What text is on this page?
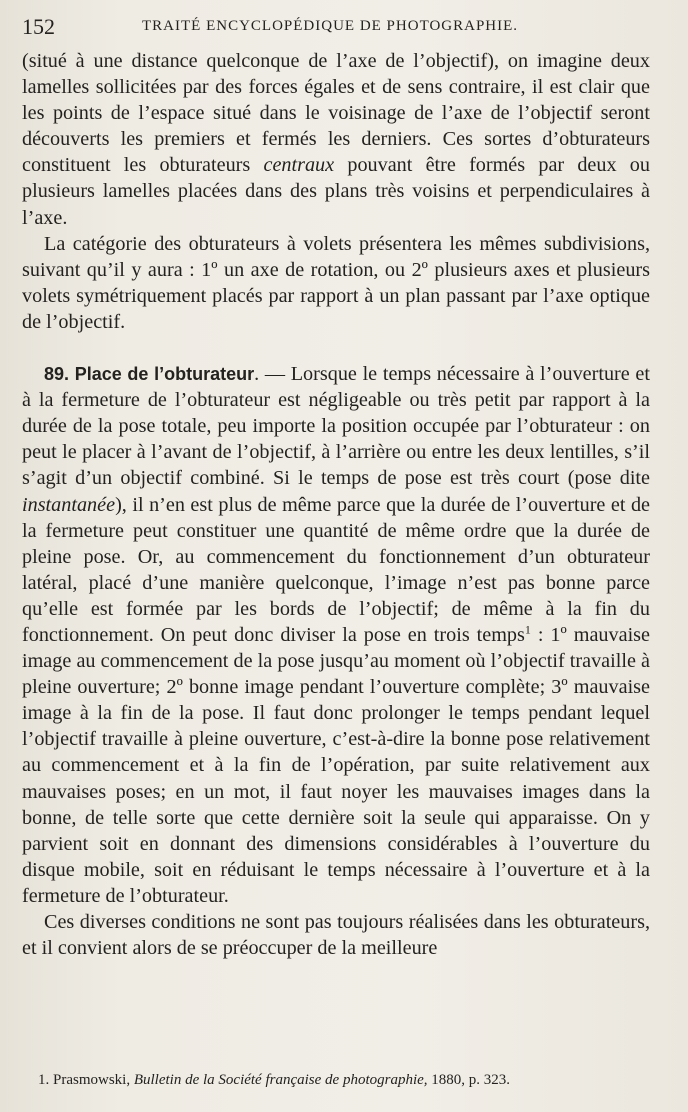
152	TRAITÉ ENCYCLOPÉDIQUE DE PHOTOGRAPHIE.

(situé à une distance quelconque de l’axe de l’objectif), on imagine deux lamelles sollicitées par des forces égales et de sens contraire, il est clair que les points de l’espace situé dans le voisinage de l’axe de l’objectif seront découverts les premiers et fermés les derniers. Ces sortes d’obturateurs constituent les obturateurs centraux pouvant être formés par deux ou plusieurs lamelles placées dans des plans très voisins et perpendiculaires à l’axe.

La catégorie des obturateurs à volets présentera les mêmes subdivisions, suivant qu’il y aura : 1º un axe de rotation, ou 2º plusieurs axes et plusieurs volets symétriquement placés par rapport à un plan passant par l’axe optique de l’objectif.

89. Place de l’obturateur. — Lorsque le temps nécessaire à l’ouverture et à la fermeture de l’obturateur est négligeable ou très petit par rapport à la durée de la pose totale, peu importe la position occupée par l’obturateur : on peut le placer à l’avant de l’objectif, à l’arrière ou entre les deux lentilles, s’il s’agit d’un objectif combiné. Si le temps de pose est très court (pose dite instantanée), il n’en est plus de même parce que la durée de l’ouverture et de la fermeture peut constituer une quantité de même ordre que la durée de pleine pose. Or, au commencement du fonctionnement d’un obturateur latéral, placé d’une manière quelconque, l’image n’est pas bonne parce qu’elle est formée par les bords de l’objectif; de même à la fin du fonctionnement. On peut donc diviser la pose en trois temps$^1$ : 1º mauvaise image au commencement de la pose jusqu’au moment où l’objectif travaille à pleine ouverture; 2º bonne image pendant l’ouverture complète; 3º mauvaise image à la fin de la pose. Il faut donc prolonger le temps pendant lequel l’objectif travaille à pleine ouverture, c’est-à-dire la bonne pose relativement au commencement et à la fin de l’opération, par suite relativement aux mauvaises poses; en un mot, il faut noyer les mauvaises images dans la bonne, de telle sorte que cette dernière soit la seule qui apparaisse. On y parvient soit en donnant des dimensions considérables à l’ouverture du disque mobile, soit en réduisant le temps nécessaire à l’ouverture et à la fermeture de l’obturateur.

Ces diverses conditions ne sont pas toujours réalisées dans les obturateurs, et il convient alors de se préoccuper de la meilleure

1. Prasmowski, Bulletin de la Société française de photographie, 1880, p. 323.
